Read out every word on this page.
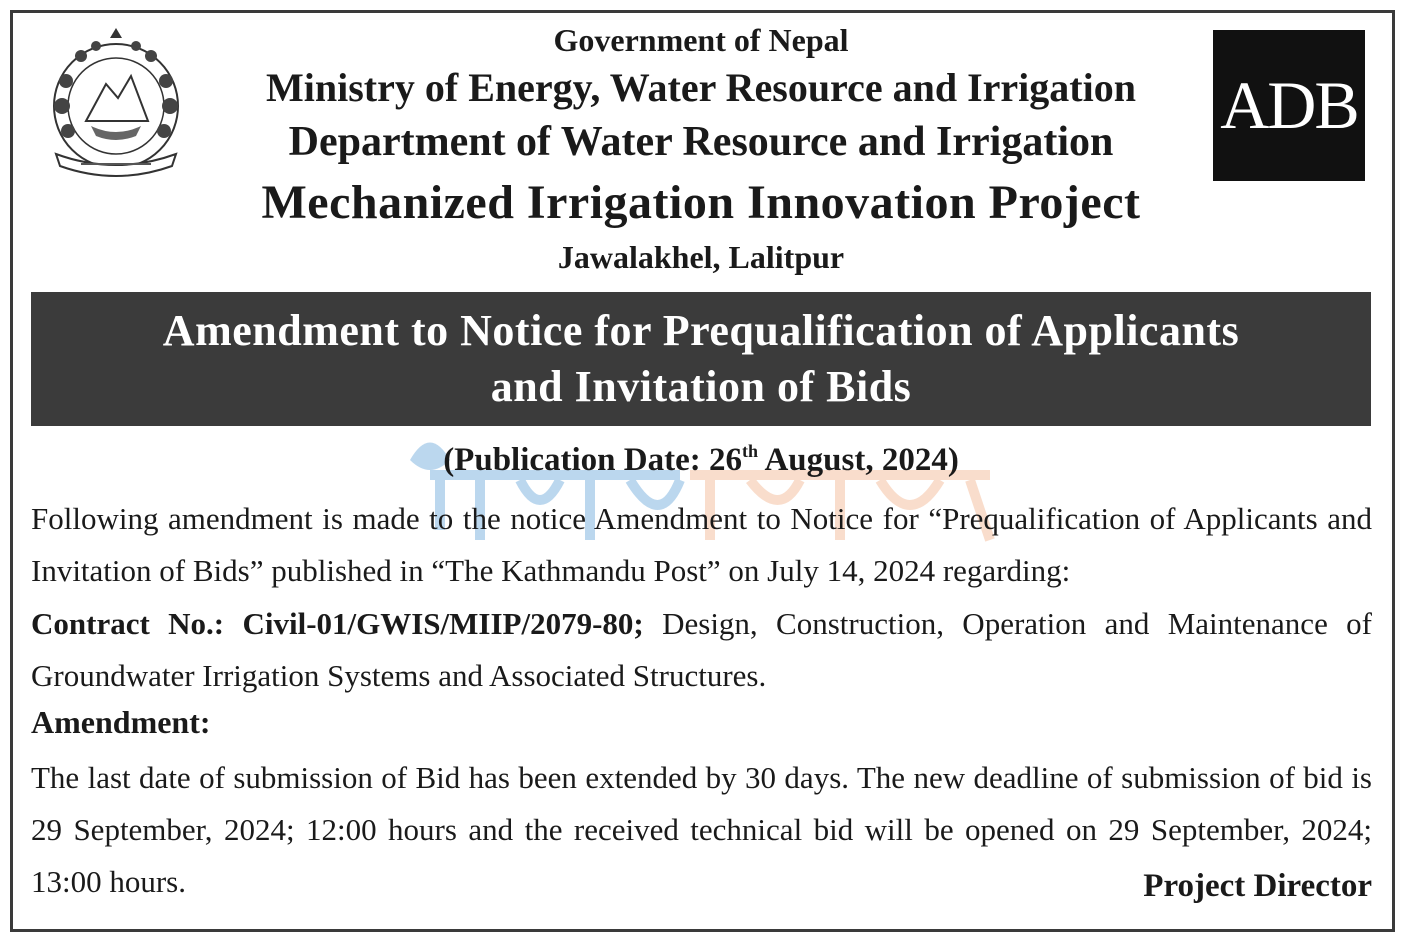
ADB
Government of Nepal
Ministry of Energy, Water Resource and Irrigation
Department of Water Resource and Irrigation
Mechanized Irrigation Innovation Project
Jawalakhel, Lalitpur
Amendment to Notice for Prequalification of Applicants
and Invitation of Bids
(Publication Date: 26th August, 2024)
Following amendment is made to the notice Amendment to Notice for “Prequalification of Applicants and Invitation of Bids” published in “The Kathmandu Post” on July 14, 2024 regarding:
Contract No.: Civil-01/GWIS/MIIP/2079-80; Design, Construction, Operation and Maintenance of Groundwater Irrigation Systems and Associated Structures.
Amendment:
The last date of submission of Bid has been extended by 30 days. The new deadline of submission of bid is 29 September, 2024; 12:00 hours and the received technical bid will be opened on 29 September, 2024; 13:00 hours.	Project Director
